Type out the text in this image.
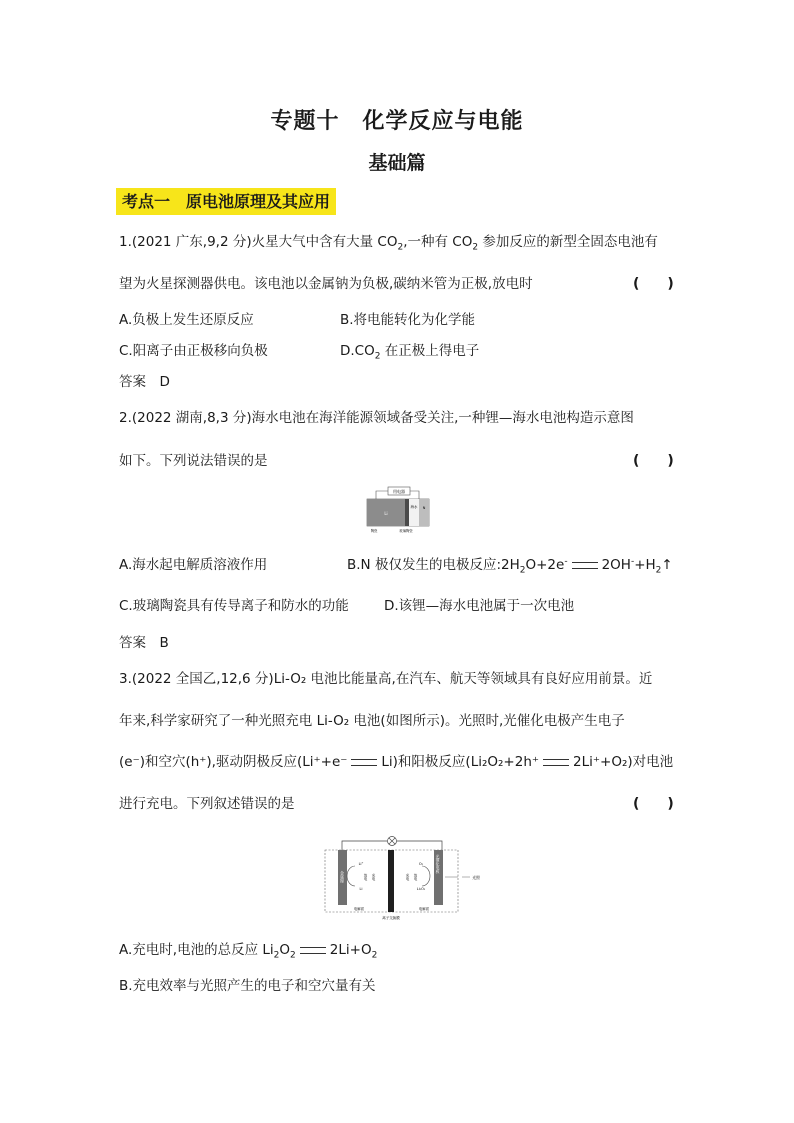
专题十　化学反应与电能
基础篇
考点一　原电池原理及其应用
1.(2021 广东,9,2 分)火星大气中含有大量 $CO_2$,一种有 $CO_2$ 参加反应的新型全固态电池有
望为火星探测器供电。该电池以金属钠为负极,碳纳米管为正极,放电时	(　　)
A.负极上发生还原反应	B.将电能转化为化学能
C.阳离子由正极移向负极	$D.CO_2$ 在正极上得电子
答案　D
2.(2022 湖南,8,3 分)海水电池在海洋能源领域备受关注,一种锂—海水电池构造示意图
如下。下列说法错误的是	(　　)
用电器
Li
海水 N
陶瓷	玻璃陶瓷
A.海水起电解质溶液作用	B.N 极仅发生的电极反应$:2H_2O+2e^-$	$2OH^-+H_2↑$
C.玻璃陶瓷具有传导离子和防水的功能	D.该锂—海水电池属于一次电池
答案　B
3.(2022 全国乙,12,6 分)Li-O₂ 电池比能量高,在汽车、航天等领域具有良好应用前景。近
年来,科学家研究了一种光照充电 Li-O₂ 电池(如图所示)。光照时,光催化电极产生电子
(e⁻)和空穴(h⁺),驱动阴极反应(Li⁺+e⁻	Li)和阳极反应(Li₂O₂+2h⁺	2Li⁺+O₂)对电池
进行充电。下列叙述错误的是	(　　)
金属锂
Li⁺
Li
放电	充电	充电	放电
O₂
Li₂O₂
光催化电极
电解质	电解质
离子交换膜
光照
A.充电时,电池的总反应 $Li_2O_2$	$2Li+O_2$
B.充电效率与光照产生的电子和空穴量有关
